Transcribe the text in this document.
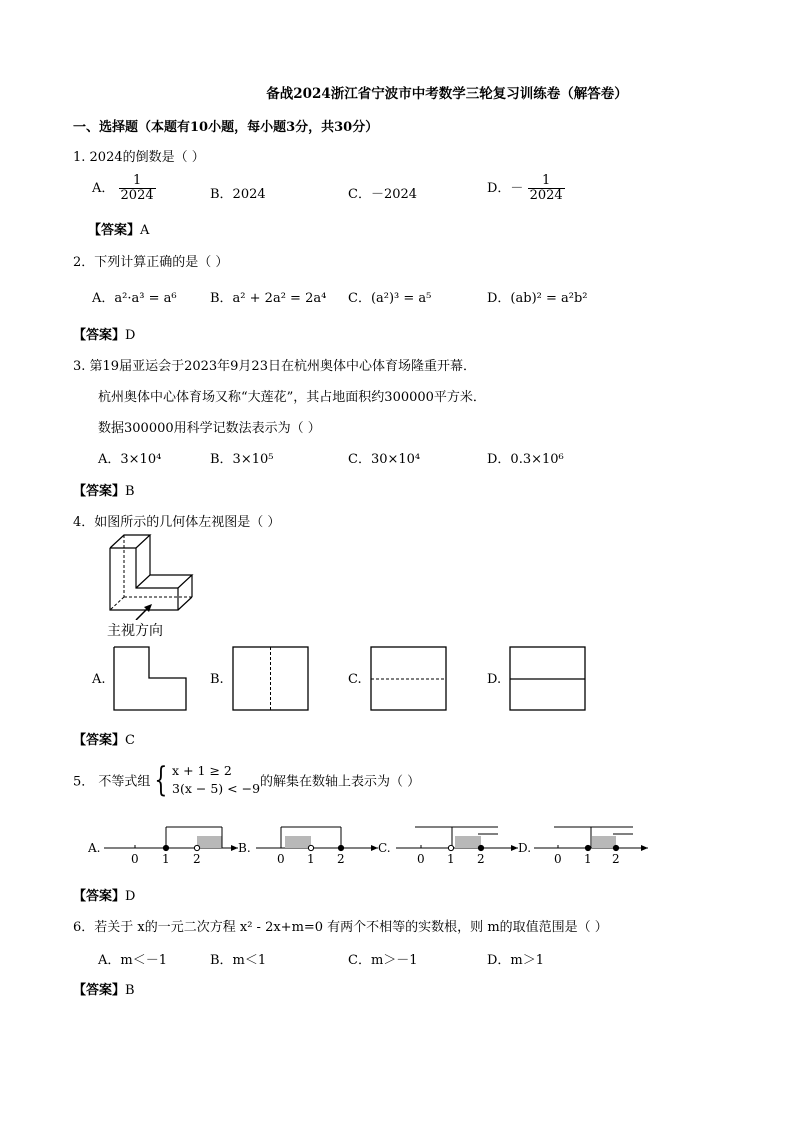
备战2024浙江省宁波市中考数学三轮复习训练卷（解答卷）
一、选择题（本题有10小题，每小题3分，共30分）
1. 2024的倒数是（ ）
A． $\frac{1}{2024}$	B．2024	C．－2024	D．－ $\frac{1}{2024}$
【答案】A
2．下列计算正确的是（ ）
A．a²·a³ = a⁶	B．a² + 2a² = 2a⁴ C．(a²)³ = a⁵	D．(ab)² = a²b²
【答案】D
3. 第19届亚运会于2023年9月23日在杭州奥体中心体育场隆重开幕．
杭州奥体中心体育场又称“大莲花”，其占地面积约300000平方米．
数据300000用科学记数法表示为（ ）
A．3×10⁴	B．3×10⁵	C．30×10⁴	D．0.3×10⁶
【答案】B
4．如图所示的几何体左视图是（ ）
主视方向
A.	B.	C.	D.
【答案】C
5． 不等式组 { x + 1 ≥ 2
3(x − 5) < −9 的解集在数轴上表示为（ ）
A.
0 1 2
B.
0 1 2
C.
0 1 2
D.
0 1 2
【答案】D
6．若关于 x的一元二次方程 x² - 2x+m=0 有两个不相等的实数根，则 m的取值范围是（ ）
A．m＜－1	B．m＜1	C．m＞－1	D．m＞1
【答案】B
